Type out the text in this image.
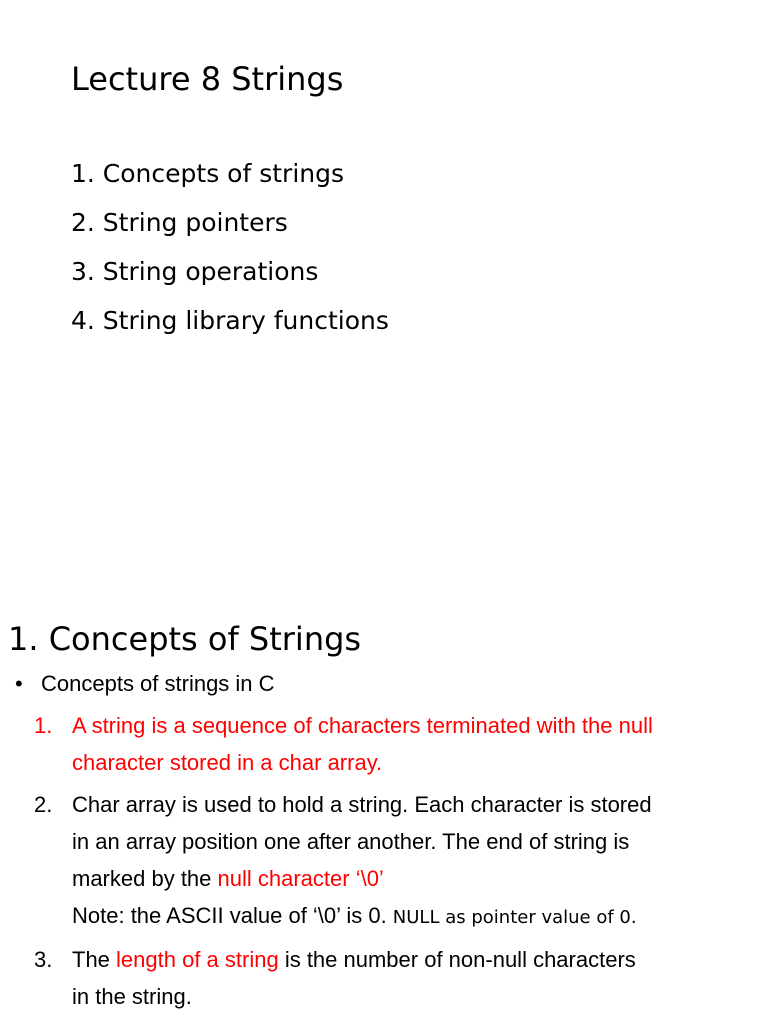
Lecture 8 Strings
1. Concepts of strings
2. String pointers
3. String operations
4. String library functions
1. Concepts of Strings
• Concepts of strings in C
1. A string is a sequence of characters terminated with the null
character stored in a char array.
2. Char array is used to hold a string. Each character is stored
in an array position one after another. The end of string is
marked by the null character ‘\0’
Note: the ASCII value of ‘\0’ is 0. NULL as pointer value of 0.
3. The length of a string is the number of non-null characters
in the string.
